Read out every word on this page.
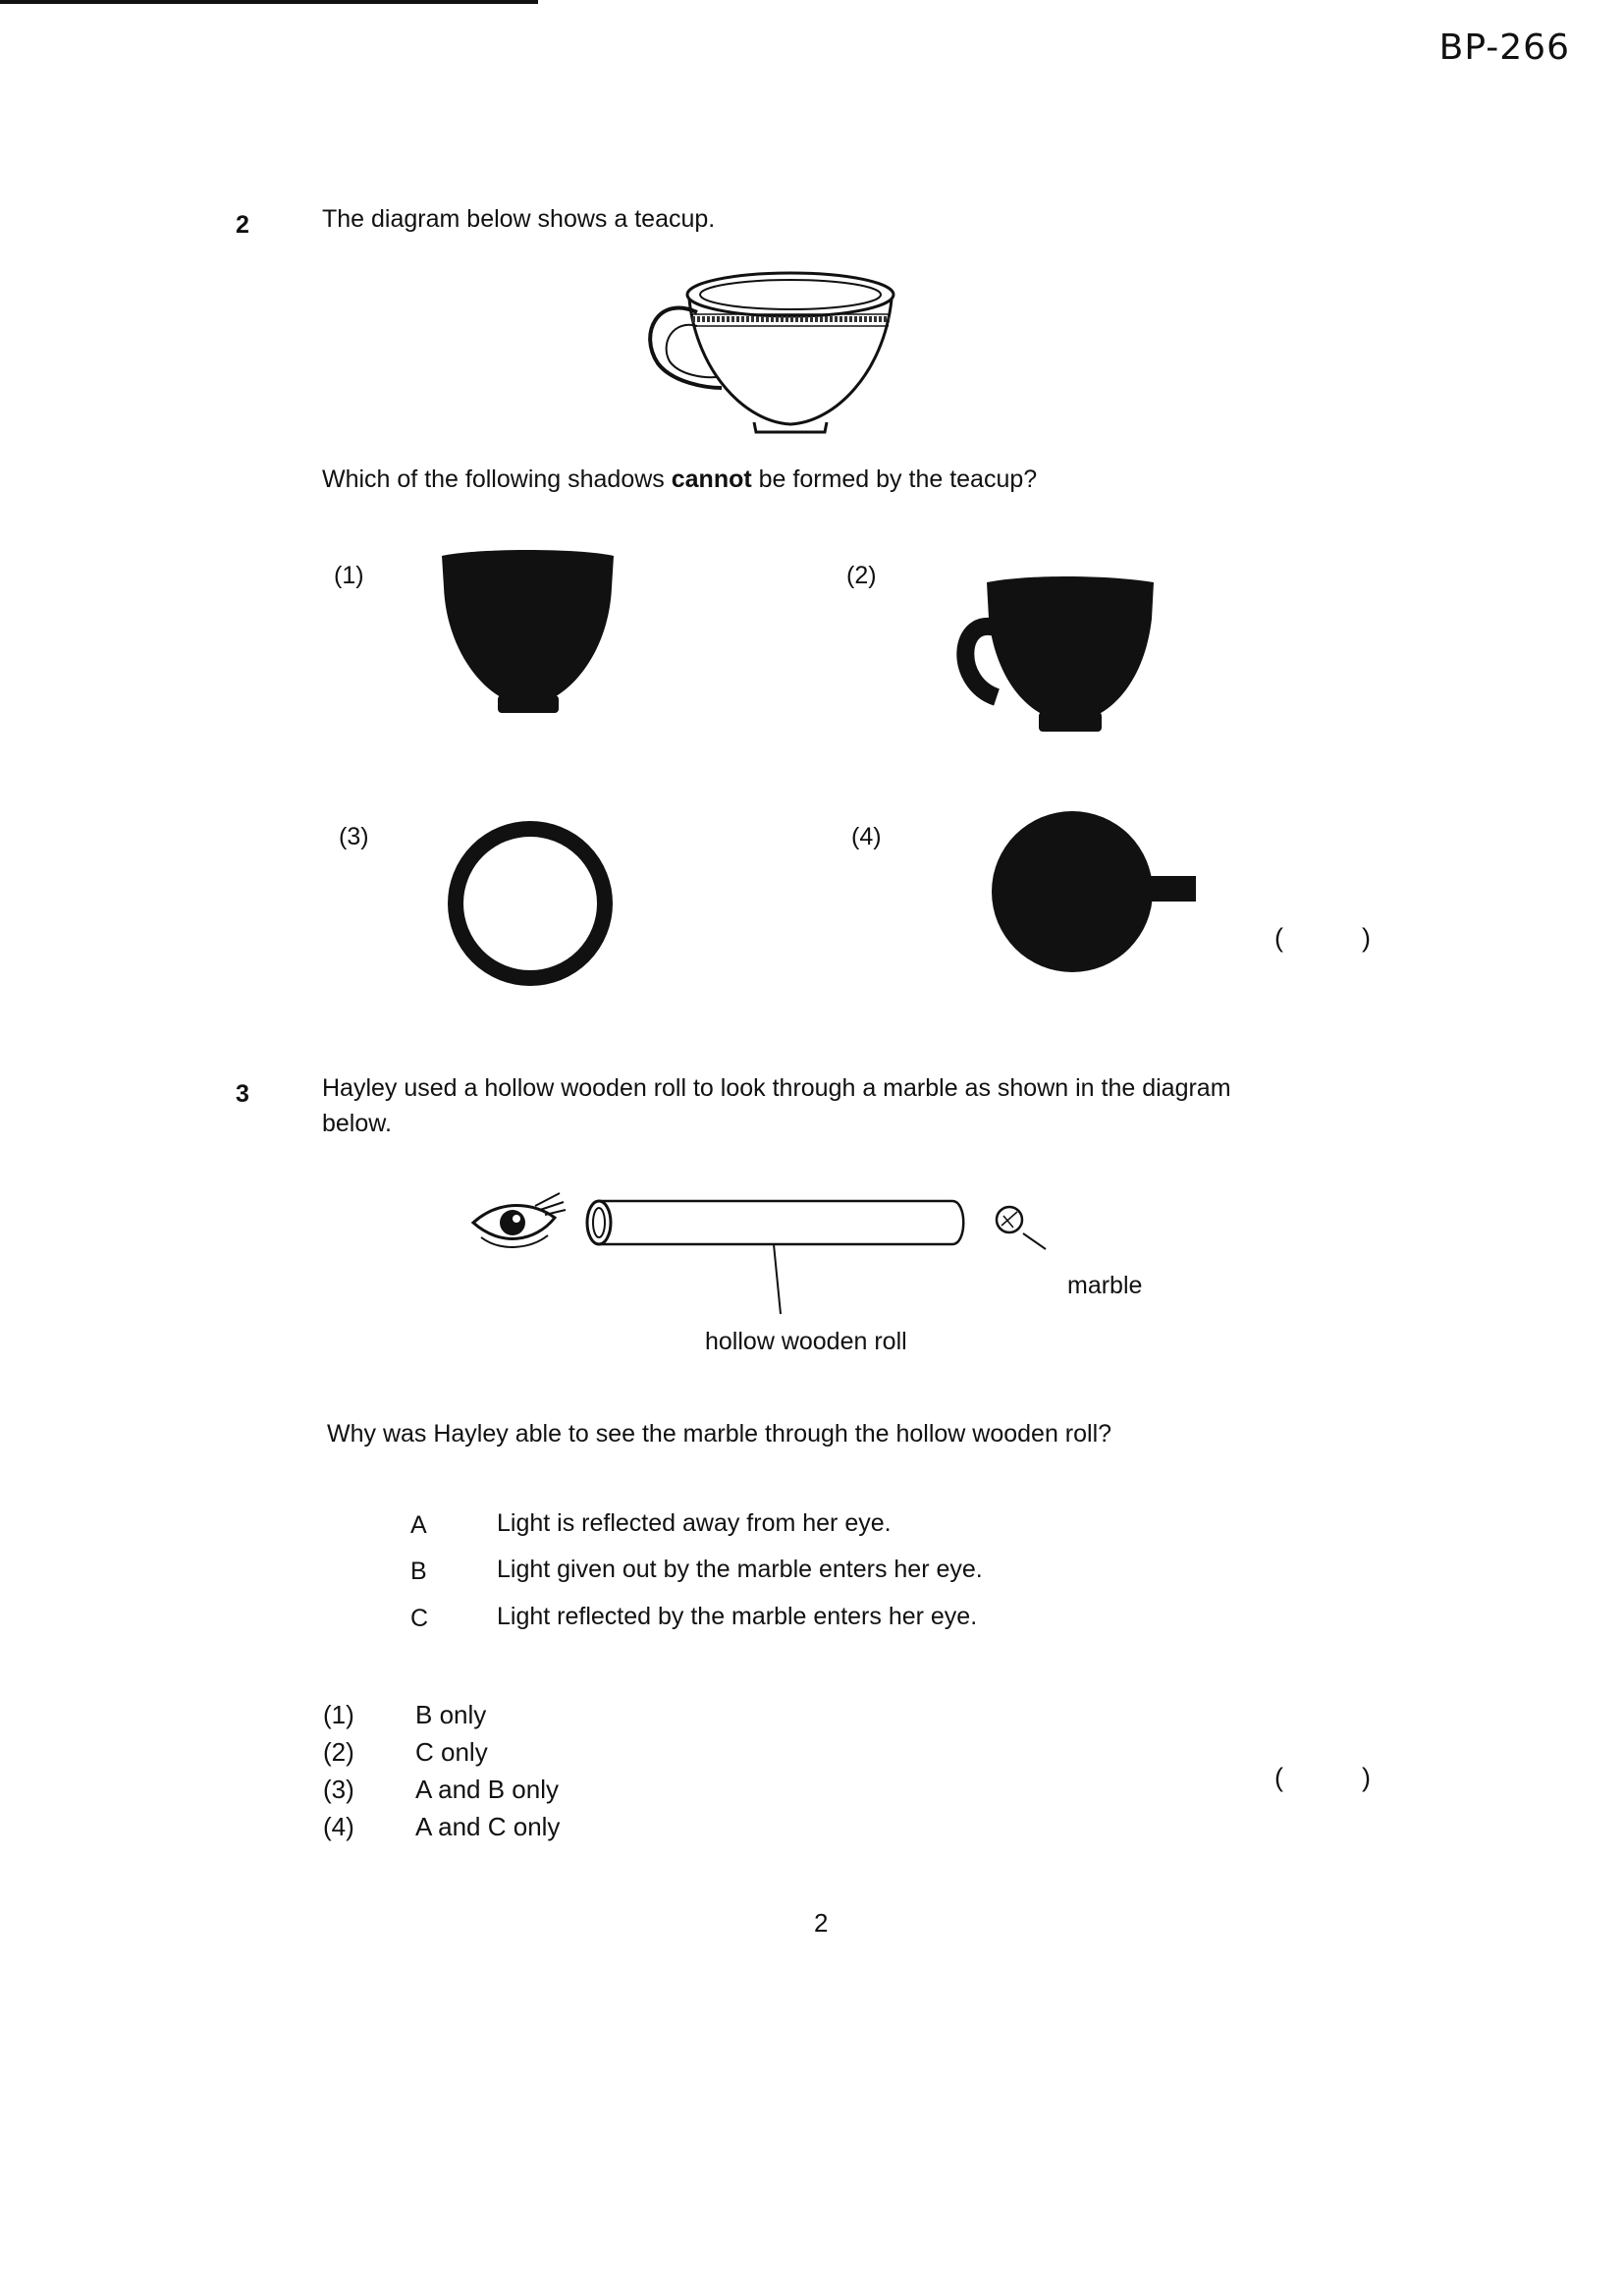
BP-266
2	The diagram below shows a teacup.
Which of the following shadows cannot be formed by the teacup?
(1)	(2)
(3)	(4)
(	)
3	Hayley used a hollow wooden roll to look through a marble as shown in the diagram
below.
marble
hollow wooden roll
Why was Hayley able to see the marble through the hollow wooden roll?
A	Light is reflected away from her eye.
B	Light given out by the marble enters her eye.
C	Light reflected by the marble enters her eye.
(1) B only
(2) C only
(3) A and B only
(4) A and C only
(	)
2
